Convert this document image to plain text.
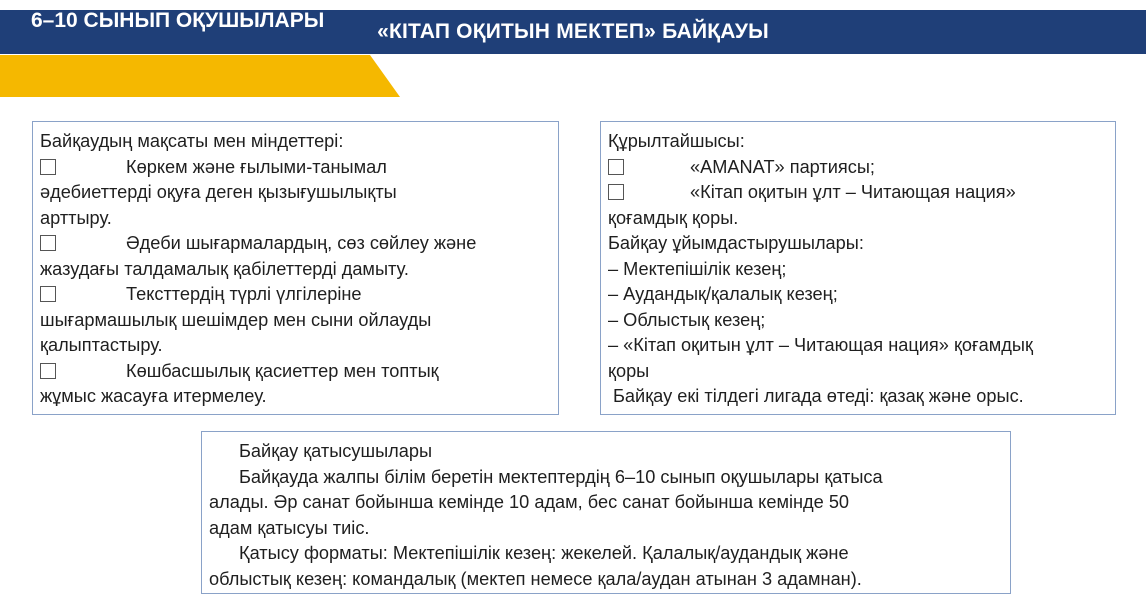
«КІТАП ОҚИТЫН МЕКТЕП» БАЙҚАУЫ
6–10 СЫНЫП ОҚУШЫЛАРЫ
Байқаудың мақсаты мен міндеттері:
Көркем және ғылыми-танымал
әдебиеттерді оқуға деген қызығушылықты
арттыру.
Әдеби шығармалардың, сөз сөйлеу және
жазудағы талдамалық қабілеттерді дамыту.
Тексттердің түрлі үлгілеріне
шығармашылық шешімдер мен сыни ойлауды
қалыптастыру.
Көшбасшылық қасиеттер мен топтық
жұмыс жасауға итермелеу.
Құрылтайшысы:
«AMANAT» партиясы;
«Кітап оқитын ұлт – Читающая нация»
қоғамдық қоры.
Байқау ұйымдастырушылары:
– Мектепішілік кезең;
– Аудандық/қалалық кезең;
– Облыстық кезең;
– «Кітап оқитын ұлт – Читающая нация» қоғамдық
қоры
Байқау екі тілдегі лигада өтеді: қазақ және орыс.
Байқау қатысушылары
Байқауда жалпы білім беретін мектептердің 6–10 сынып оқушылары қатыса
алады. Әр санат бойынша кемінде 10 адам, бес санат бойынша кемінде 50
адам қатысуы тиіс.
Қатысу форматы: Мектепішілік кезең: жекелей. Қалалық/аудандық және
облыстық кезең: командалық (мектеп немесе қала/аудан атынан 3 адамнан).
